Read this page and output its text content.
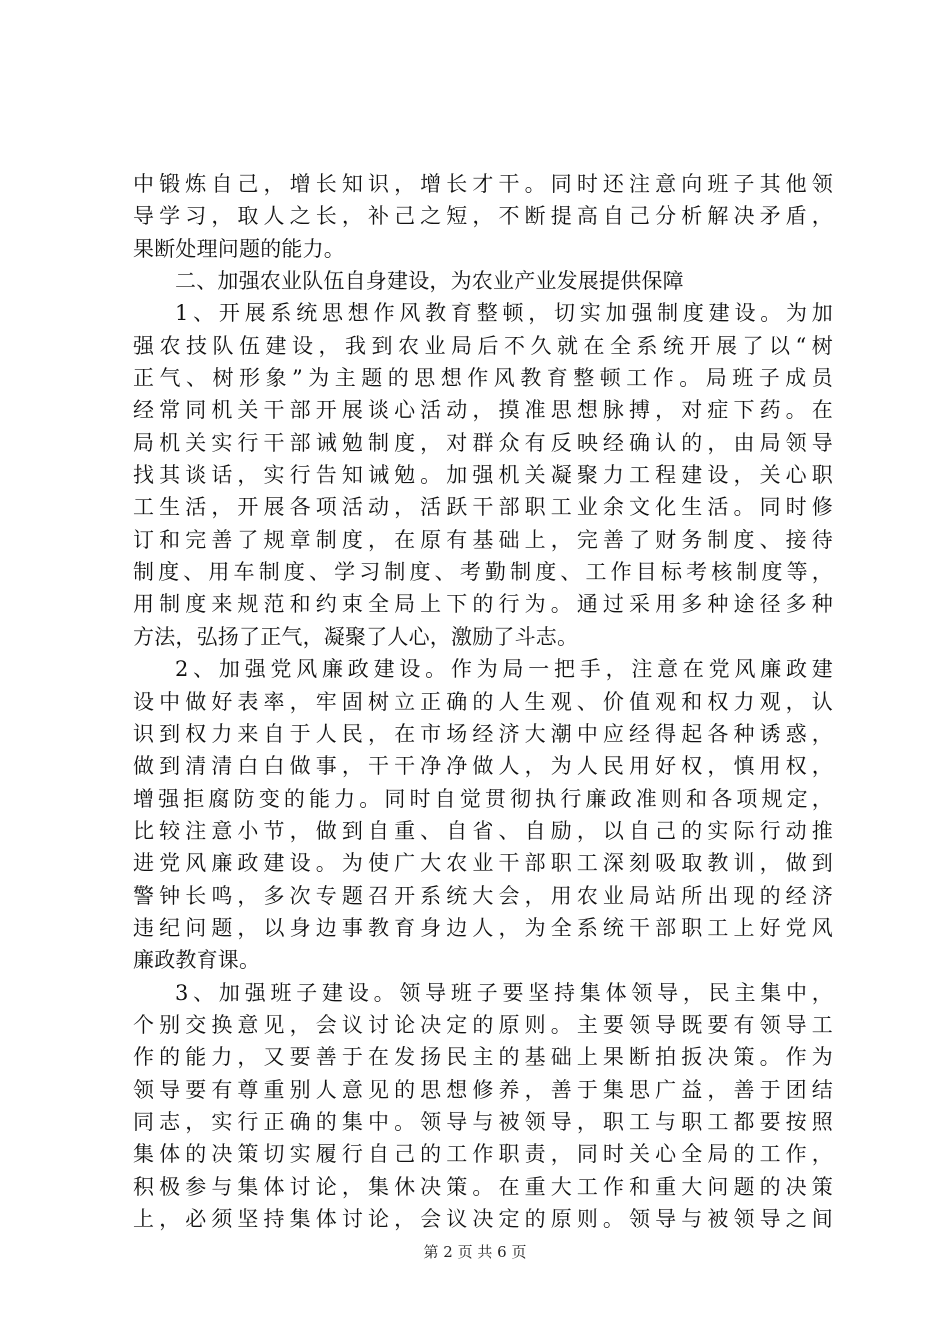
中锻炼自己，增长知识，增长才干。同时还注意向班子其他领
导学习，取人之长，补己之短，不断提高自己分析解决矛盾，
果断处理问题的能力。
二、加强农业队伍自身建设，为农业产业发展提供保障
1、开展系统思想作风教育整顿，切实加强制度建设。为加
强农技队伍建设，我到农业局后不久就在全系统开展了以“树
正气、树形象”为主题的思想作风教育整顿工作。局班子成员
经常同机关干部开展谈心活动，摸准思想脉搏，对症下药。在
局机关实行干部诫勉制度，对群众有反映经确认的，由局领导
找其谈话，实行告知诫勉。加强机关凝聚力工程建设，关心职
工生活，开展各项活动，活跃干部职工业余文化生活。同时修
订和完善了规章制度，在原有基础上，完善了财务制度、接待
制度、用车制度、学习制度、考勤制度、工作目标考核制度等，
用制度来规范和约束全局上下的行为。通过采用多种途径多种
方法，弘扬了正气，凝聚了人心，激励了斗志。
2、加强党风廉政建设。作为局一把手，注意在党风廉政建
设中做好表率，牢固树立正确的人生观、价值观和权力观，认
识到权力来自于人民，在市场经济大潮中应经得起各种诱惑，
做到清清白白做事，干干净净做人，为人民用好权，慎用权，
增强拒腐防变的能力。同时自觉贯彻执行廉政准则和各项规定，
比较注意小节，做到自重、自省、自励，以自己的实际行动推
进党风廉政建设。为使广大农业干部职工深刻吸取教训，做到
警钟长鸣，多次专题召开系统大会，用农业局站所出现的经济
违纪问题，以身边事教育身边人，为全系统干部职工上好党风
廉政教育课。
3、加强班子建设。领导班子要坚持集体领导，民主集中，
个别交换意见，会议讨论决定的原则。主要领导既要有领导工
作的能力，又要善于在发扬民主的基础上果断拍扳决策。作为
领导要有尊重别人意见的思想修养，善于集思广益，善于团结
同志，实行正确的集中。领导与被领导，职工与职工都要按照
集体的决策切实履行自己的工作职责，同时关心全局的工作，
积极参与集体讨论，集休决策。在重大工作和重大问题的决策
上，必须坚持集体讨论，会议决定的原则。领导与被领导之间
第 2 页 共 6 页
